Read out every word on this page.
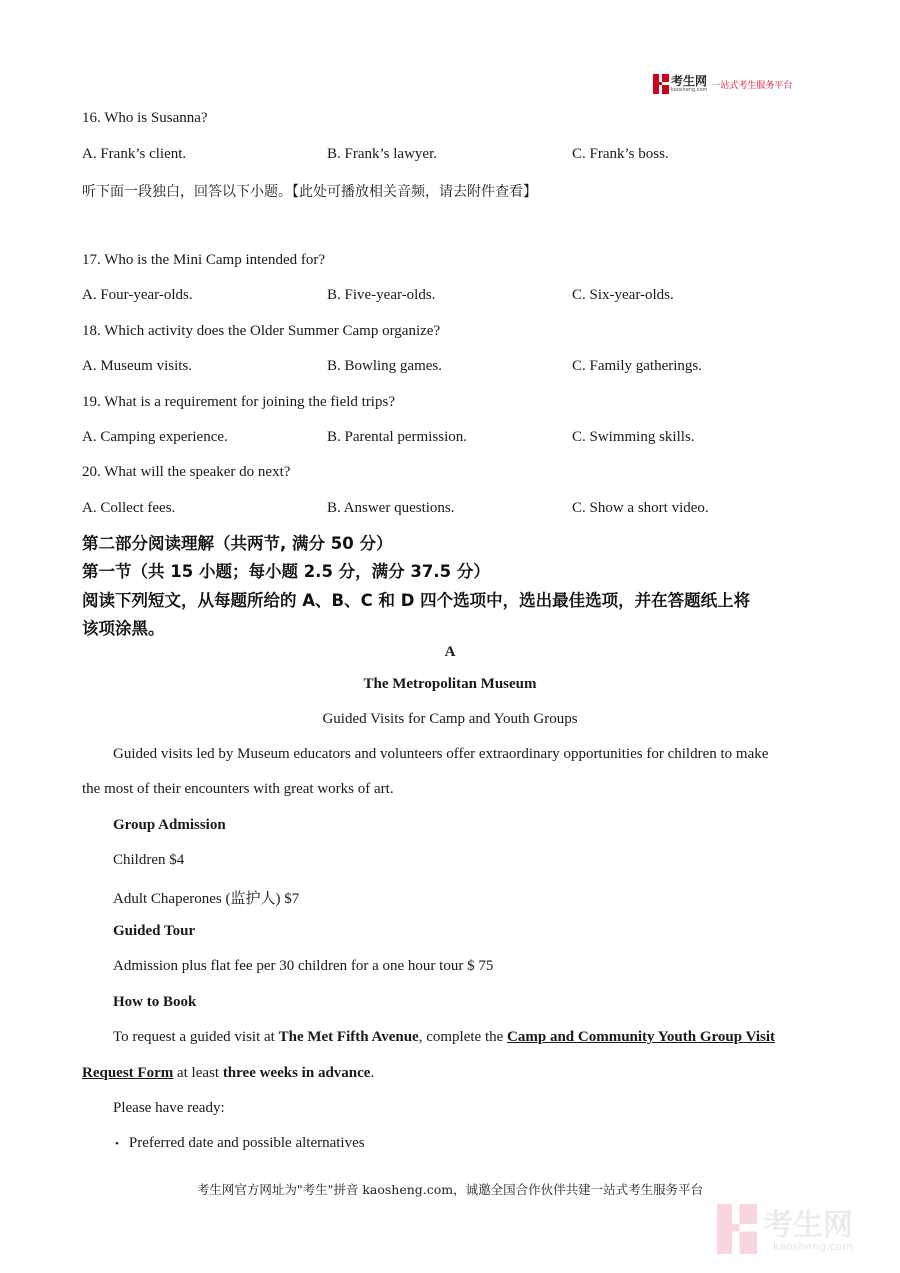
考生网
kaosheng.com 一站式考生服务平台
16. Who is Susanna?
A. Frank’s client.	B. Frank’s lawyer.	C. Frank’s boss.
听下面一段独白，回答以下小题。【此处可播放相关音频，请去附件查看】
17. Who is the Mini Camp intended for?
A. Four-year-olds.	B. Five-year-olds.	C. Six-year-olds.
18. Which activity does the Older Summer Camp organize?
A. Museum visits.	B. Bowling games.	C. Family gatherings.
19. What is a requirement for joining the field trips?
A. Camping experience.	B. Parental permission.	C. Swimming skills.
20. What will the speaker do next?
A. Collect fees.	B. Answer questions.	C. Show a short video.
第二部分阅读理解（共两节, 满分 50 分）
第一节（共 15 小题；每小题 2.5 分，满分 37.5 分）
阅读下列短文，从每题所给的 A、B、C 和 D 四个选项中，选出最佳选项，并在答题纸上将
该项涂黑。
A
The Metropolitan Museum
Guided Visits for Camp and Youth Groups
Guided visits led by Museum educators and volunteers offer extraordinary opportunities for children to make
the most of their encounters with great works of art.
Group Admission
Children $4
Adult Chaperones (监护人) $7
Guided Tour
Admission plus flat fee per 30 children for a one hour tour $ 75
How to Book
To request a guided visit at The Met Fifth Avenue, complete the Camp and Community Youth Group Visit
Request Form at least three weeks in advance.
Please have ready:
• Preferred date and possible alternatives
考生网官方网址为"考生"拼音 kaosheng.com，诚邀全国合作伙伴共建一站式考生服务平台
考生网
kaosheng.com
